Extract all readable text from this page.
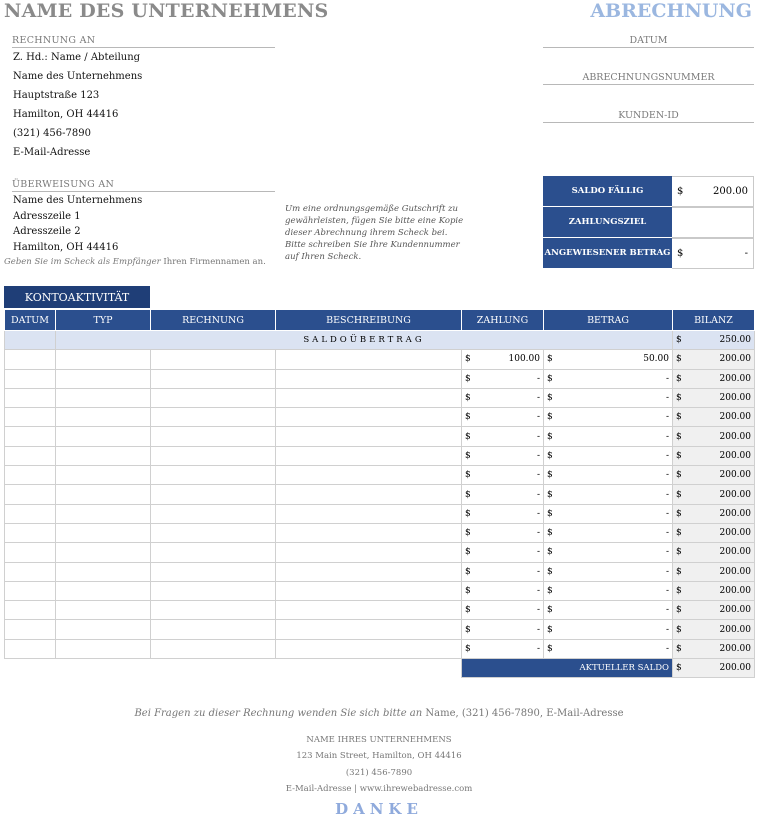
NAME DES UNTERNEHMENS	ABRECHNUNG
RECHNUNG AN
Z. Hd.: Name / Abteilung
Name des Unternehmens
Hauptstraße 123
Hamilton, OH 44416
(321) 456-7890
E-Mail-Adresse
DATUM
ABRECHNUNGSNUMMER
KUNDEN-ID
ÜBERWEISUNG AN
Name des Unternehmens
Adresszeile 1
Adresszeile 2
Hamilton, OH 44416
Geben Sie im Scheck als Empfänger Ihren Firmennamen an.
Um eine ordnungsgemäße Gutschrift zu gewährleisten, fügen Sie bitte eine Kopie dieser Abrechnung ihrem Scheck bei. Bitte schreiben Sie Ihre Kundennummer auf Ihren Scheck.
SALDO FÄLLIG	$	200.00
ZAHLUNGSZIEL
ANGEWIESENER BETRAG $	-
KONTOAKTIVITÄT
DATUM	TYP	RECHNUNG	BESCHREIBUNG	ZAHLUNG	BETRAG	BILANZ
	SALDOÜBERTRAG					$ 250.00

				$ 100.00	$ 50.00	$ 200.00

				$ -	$ -	$ 200.00

				$ -	$ -	$ 200.00

				$ -	$ -	$ 200.00

				$ -	$ -	$ 200.00

				$ -	$ -	$ 200.00

				$ -	$ -	$ 200.00

				$ -	$ -	$ 200.00

				$ -	$ -	$ 200.00

				$ -	$ -	$ 200.00

				$ -	$ -	$ 200.00

				$ -	$ -	$ 200.00

				$ -	$ -	$ 200.00

				$ -	$ -	$ 200.00

				$ -	$ -	$ 200.00

				$ -	$ -	$ 200.00

				AKTUELLER SALDO		$ 200.00
Bei Fragen zu dieser Rechnung wenden Sie sich bitte an Name, (321) 456-7890, E-Mail-Adresse
NAME IHRES UNTERNEHMENS
123 Main Street, Hamilton, OH 44416
(321) 456-7890
E-Mail-Adresse | www.ihrewebadresse.com
DANKE
